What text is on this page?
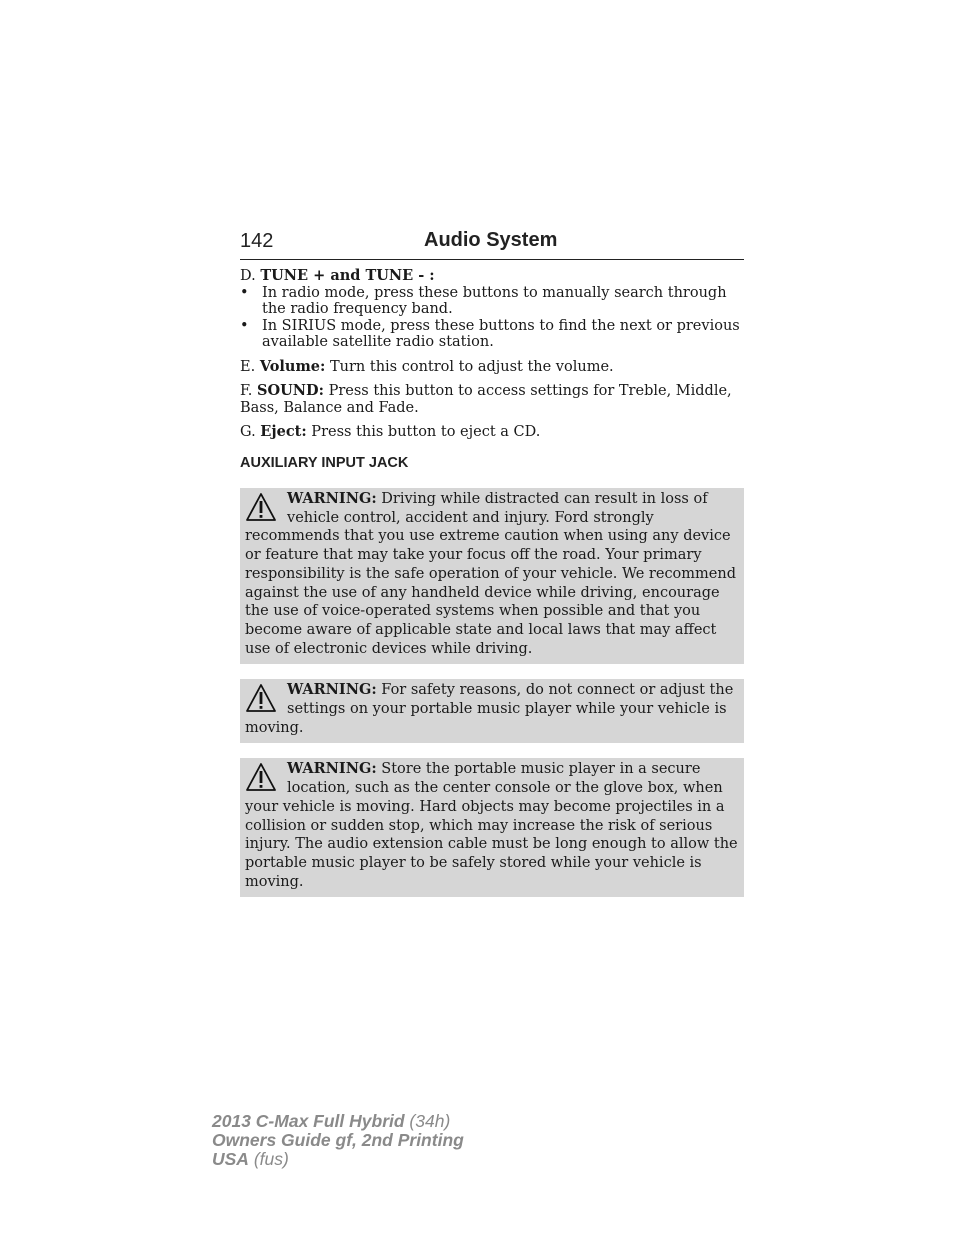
142	Audio System

D. TUNE + and TUNE - :

• In radio mode, press these buttons to manually search through the radio frequency band.
• In SIRIUS mode, press these buttons to find the next or previous available satellite radio station.

E. Volume: Turn this control to adjust the volume.

F. SOUND: Press this button to access settings for Treble, Middle, Bass, Balance and Fade.

G. Eject: Press this button to eject a CD.

AUXILIARY INPUT JACK
WARNING: Driving while distracted can result in loss of vehicle control, accident and injury. Ford strongly recommends that you use extreme caution when using any device or feature that may take your focus off the road. Your primary responsibility is the safe operation of your vehicle. We recommend against the use of any handheld device while driving, encourage the use of voice-operated systems when possible and that you become aware of applicable state and local laws that may affect use of electronic devices while driving.
WARNING: For safety reasons, do not connect or adjust the settings on your portable music player while your vehicle is moving.
WARNING: Store the portable music player in a secure location, such as the center console or the glove box, when your vehicle is moving. Hard objects may become projectiles in a collision or sudden stop, which may increase the risk of serious injury. The audio extension cable must be long enough to allow the portable music player to be safely stored while your vehicle is moving.
2013 C-Max Full Hybrid (34h)
Owners Guide gf, 2nd Printing
USA (fus)
